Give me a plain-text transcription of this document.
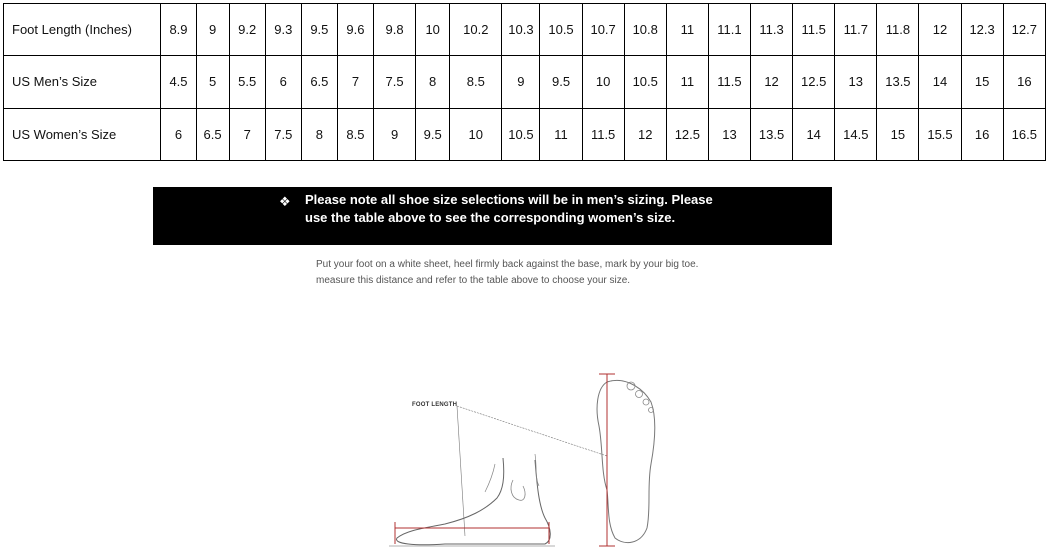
Foot Length (Inches)	8.9	9	9.2	9.3	9.5	9.6	9.8	10	10.2	10.3	10.5	10.7	10.8	11	11.1	11.3	11.5	11.7	11.8	12	12.3	12.7
US Men’s Size	4.5	5	5.5	6	6.5	7	7.5	8	8.5	9	9.5	10	10.5	11	11.5	12	12.5	13	13.5	14	15	16
US Women’s Size	6	6.5	7	7.5	8	8.5	9	9.5	10	10.5	11	11.5	12	12.5	13	13.5	14	14.5	15	15.5	16	16.5
❖ Please note all shoe size selections will be in men’s sizing. Please
use the table above to see the corresponding women’s size.
Put your foot on a white sheet, heel firmly back against the base, mark by your big toe.
measure this distance and refer to the table above to choose your size.
FOOT LENGTH
